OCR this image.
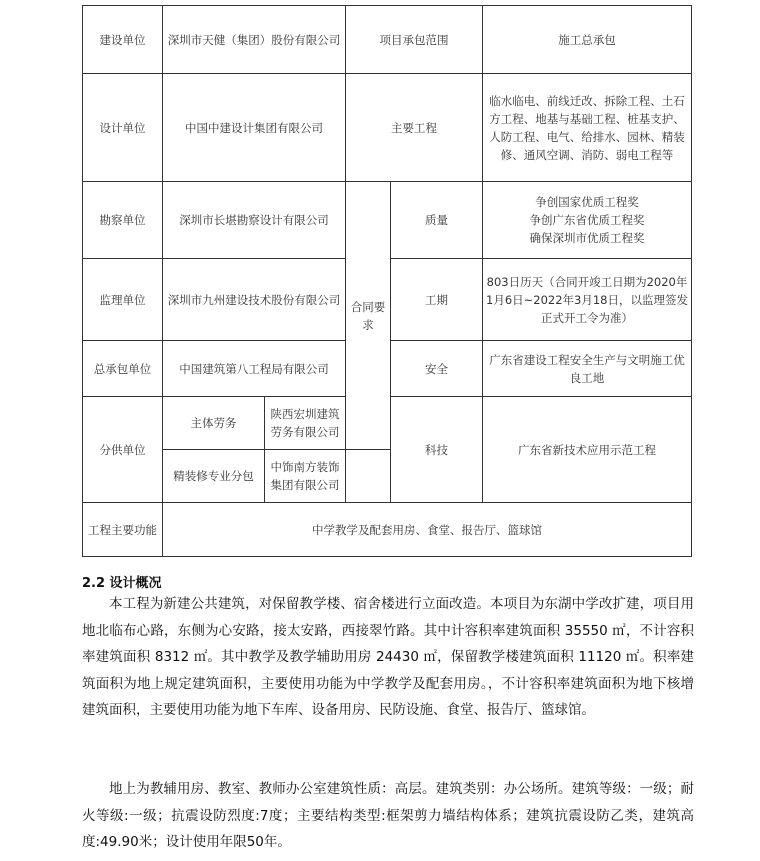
建设单位	深圳市天健（集团）股份有限公司		项目承包范围		施工总承包
设计单位	中国中建设计集团有限公司		主要工程		临水临电、前线迁改、拆除工程、土石方工程、地基与基础工程、桩基支护、人防工程、电气、给排水、园林、精装修、通风空调、消防、弱电工程等
勘察单位	深圳市长堪勘察设计有限公司		合同要求	质量	争创国家优质工程奖
争创广东省优质工程奖
确保深圳市优质工程奖
监理单位	深圳市九州建设技术股份有限公司			工期	803日历天（合同开竣工日期为2020年1月6日~2022年3月18日，以监理签发正式开工令为准）
总承包单位	中国建筑第八工程局有限公司			安全	广东省建设工程安全生产与文明施工优良工地
分供单位	主体劳务	陕西宏圳建筑劳务有限公司		科技	广东省新技术应用示范工程
	精装修专业分包	中饰南方装饰集团有限公司			
工程主要功能	中学教学及配套用房、食堂、报告厅、篮球馆				
2.2 设计概况

本工程为新建公共建筑，对保留教学楼、宿舍楼进行立面改造。本项目为东湖中学改扩建，项目用地北临布心路，东侧为心安路，接太安路，西接翠竹路。其中计容积率建筑面积 35550 ㎡，不计容积率建筑面积 8312 ㎡。其中教学及教学辅助用房 24430 ㎡，保留教学楼建筑面积 11120 ㎡。积率建筑面积为地上规定建筑面积，主要使用功能为中学教学及配套用房。，不计容积率建筑面积为地下核增建筑面积，主要使用功能为地下车库、设备用房、民防设施、食堂、报告厅、篮球馆。

地上为教辅用房、教室、教师办公室建筑性质：高层。建筑类别：办公场所。建筑等级：一级；耐火等级:一级；抗震设防烈度:7度；主要结构类型:框架剪力墙结构体系；建筑抗震设防乙类，建筑高度:49.90米；设计使用年限50年。
